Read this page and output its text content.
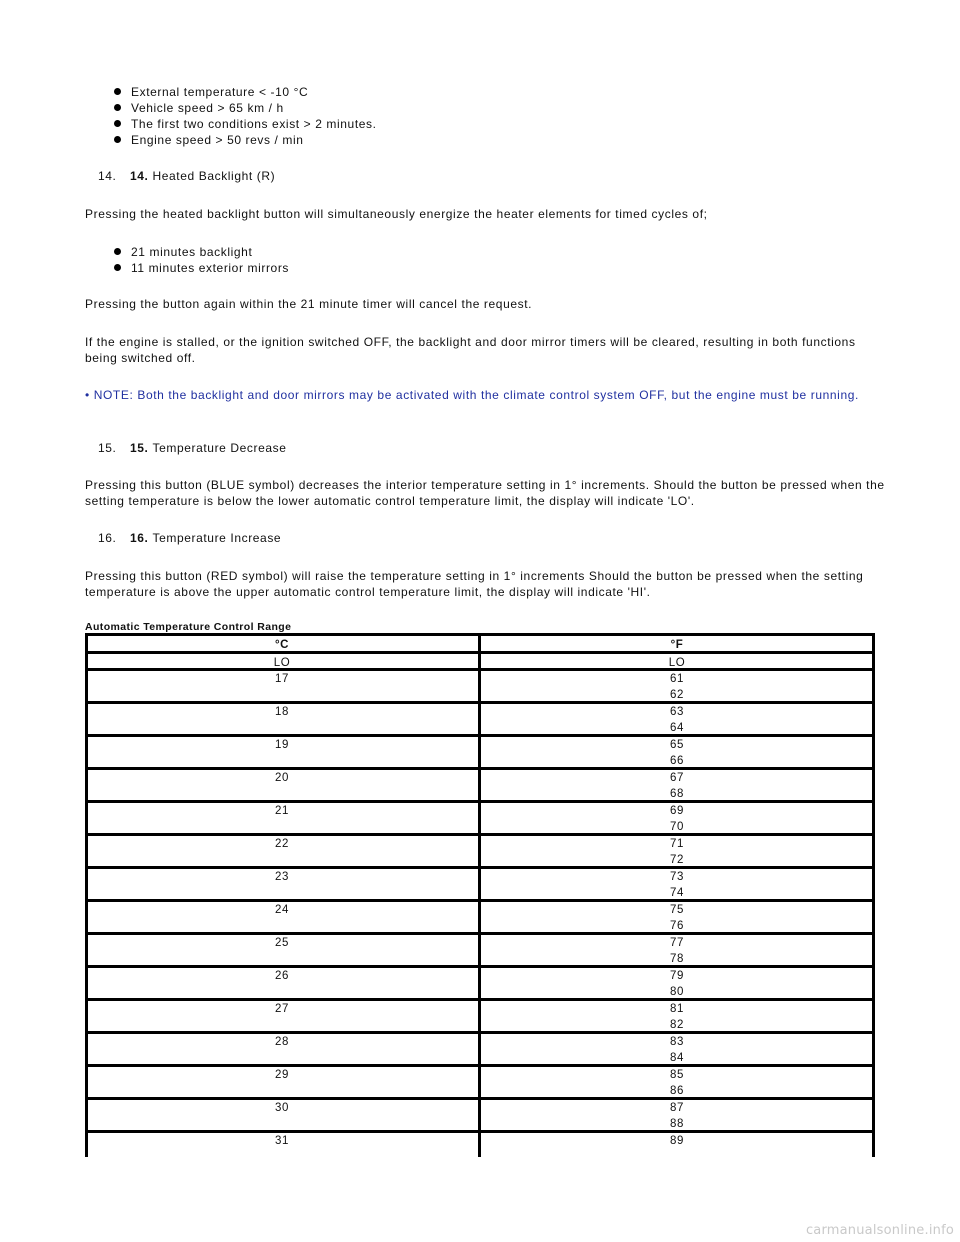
External temperature < -10 °C
Vehicle speed > 65 km / h
The first two conditions exist > 2 minutes.
Engine speed > 50 revs / min
14. 14. Heated Backlight (R)
Pressing the heated backlight button will simultaneously energize the heater elements for timed cycles of;
21 minutes backlight
11 minutes exterior mirrors
Pressing the button again within the 21 minute timer will cancel the request.
If the engine is stalled, or the ignition switched OFF, the backlight and door mirror timers will be cleared, resulting in both functions being switched off.
• NOTE: Both the backlight and door mirrors may be activated with the climate control system OFF, but the engine must be running.
15. 15. Temperature Decrease
Pressing this button (BLUE symbol) decreases the interior temperature setting in 1° increments. Should the button be pressed when the setting temperature is below the lower automatic control temperature limit, the display will indicate 'LO'.
16. 16. Temperature Increase
Pressing this button (RED symbol) will raise the temperature setting in 1° increments Should the button be pressed when the setting temperature is above the upper automatic control temperature limit, the display will indicate 'HI'.
Automatic Temperature Control Range
°C	°F
LO	LO
17	61
62
18	63
64
19	65
66
20	67
68
21	69
70
22	71
72
23	73
74
24	75
76
25	77
78
26	79
80
27	81
82
28	83
84
29	85
86
30	87
88
31	89
carmanualsonline.info
